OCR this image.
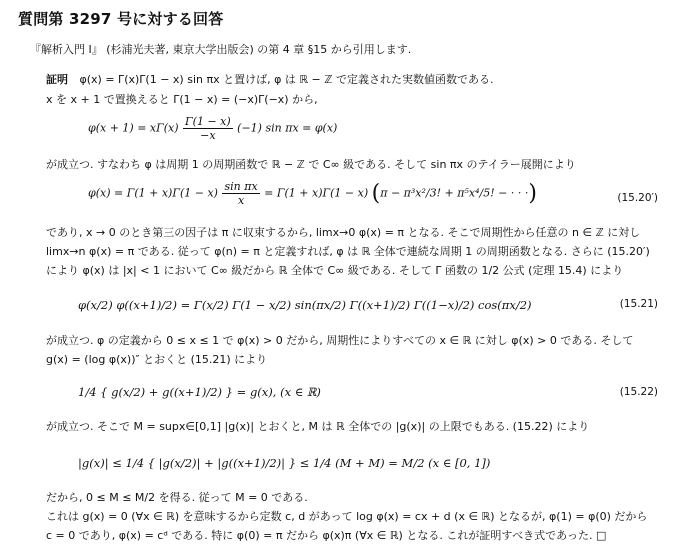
質問第 3297 号に対する回答
『解析入門 I』 (杉浦光夫著, 東京大学出版会) の第 4 章 §15 から引用します.
証明 φ(x) = Γ(x)Γ(1 − x) sin πx と置けば, φ は ℝ − ℤ で定義された実数値函数である.
x を x + 1 で置換えると Γ(1 − x) = (−x)Γ(−x) から,
$\varphi(x + 1) = x\Gamma(x) \frac{\Gamma(1 - x)}{-x} (-1)$ sin πx = φ(x)
が成立つ. すなわち φ は周期 1 の周期函数で ℝ − ℤ で C∞ 級である. そして sin πx のテイラー展開により
$\varphi(x) = \Gamma(1 + x)\Gamma(1 - x) \frac{\text{sin πx}}{x} = \Gamma(1 + x)\Gamma(1 - x) (\pi - \pi^3x^2/3$! + π⁵x⁴/5! − · · ·)	(15.20′)
であり, x → 0 のとき第三の因子は π に収束するから, limx→0 φ(x) = π となる. そこで周期性から任意の n ∈ ℤ に対し
limx→n φ(x) = π である. 従って φ(n) = π と定義すれば, φ は ℝ 全体で連続な周期 1 の周期函数となる. さらに (15.20′)
により φ(x) は |x| < 1 において C∞ 級だから ℝ 全体で C∞ 級である. そして Γ 函数の 1/2 公式 (定理 15.4) により
φ(x/2) φ((x+1)/2) = Γ(x/2) Γ(1 − x/2) sin(πx/2) Γ((x+1)/2) Γ((1−x)/2) cos(πx/2)	(15.21)
が成立つ. φ の定義から 0 ≤ x ≤ 1 で φ(x) > 0 だから, 周期性によりすべての x ∈ ℝ に対し φ(x) > 0 である. そして
g(x) = (log φ(x))″ とおくと (15.21) により
1/4 { g(x/2) + g((x+1)/2) } = g(x), (x ∈ ℝ)	(15.22)
が成立つ. そこで M = supx∈[0,1] |g(x)| とおくと, M は ℝ 全体での |g(x)| の上限でもある. (15.22) により
|g(x)| ≤ 1/4 { |g(x/2)| + |g((x+1)/2)| } ≤ 1/4 (M + M) = M/2 (x ∈ [0, 1])
だから, 0 ≤ M ≤ M/2 を得る. 従って M = 0 である.
これは g(x) = 0 (∀x ∈ ℝ) を意味するから定数 c, d があって log φ(x) = cx + d (x ∈ ℝ) となるが, φ(1) = φ(0) だから
c = 0 であり, φ(x) = cᵈ である. 特に φ(0) = π だから φ(x)π (∀x ∈ ℝ) となる. これが証明すべき式であった. □
